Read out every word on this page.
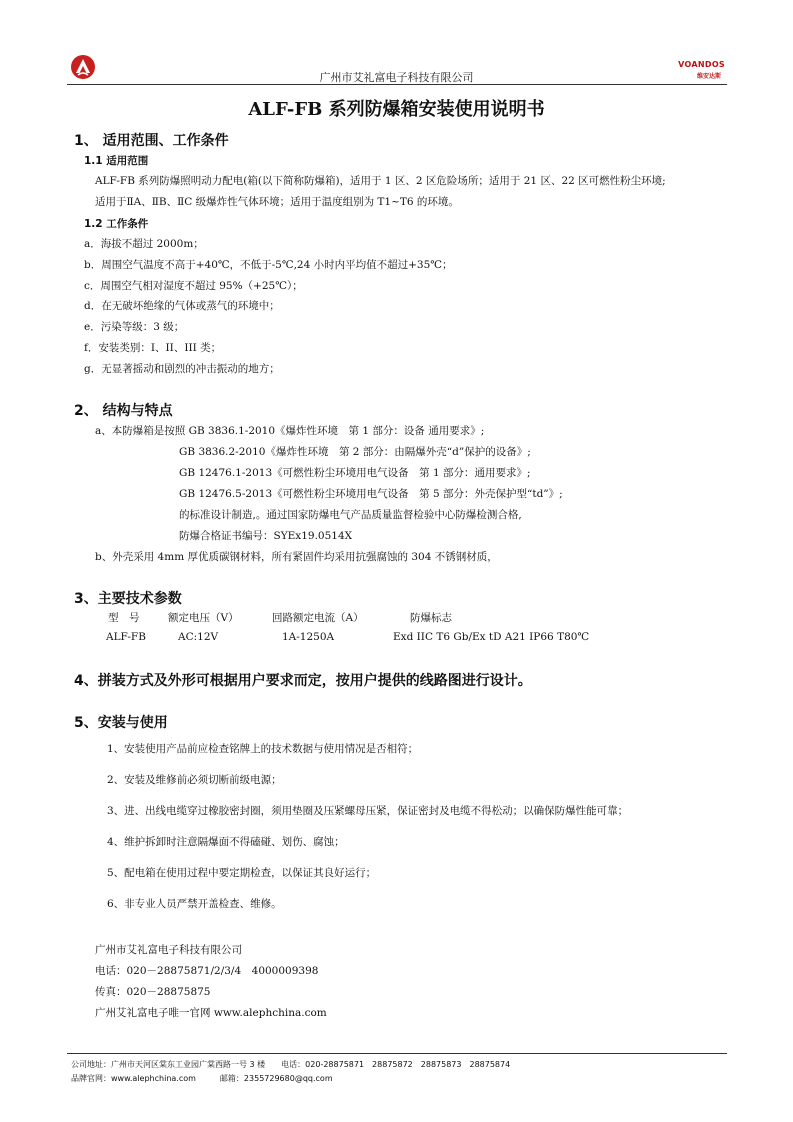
广州市艾礼富电子科技有限公司
VOANDOS
维安达斯
ALF-FB 系列防爆箱安装使用说明书
1、 适用范围、工作条件
1.1 适用范围
ALF-FB 系列防爆照明动力配电(箱(以下简称防爆箱)，适用于 1 区、2 区危险场所；适用于 21 区、22 区可燃性粉尘环境;
适用于ⅡA、ⅡB、ⅡC 级爆炸性气体环境；适用于温度组别为 T1~T6 的环境。
1.2 工作条件
a．海拔不超过 2000m；
b．周围空气温度不高于+40℃，不低于-5℃,24 小时内平均值不超过+35℃；
c．周围空气相对湿度不超过 95%（+25℃）；
d．在无破坏绝缘的气体或蒸气的环境中；
e．污染等级：3 级；
f．安装类别：I、II、III 类；
g．无显著摇动和剧烈的冲击振动的地方；
2、 结构与特点
a、本防爆箱是按照 GB 3836.1-2010《爆炸性环境　第 1 部分：设备 通用要求》;
GB 3836.2-2010《爆炸性环境　第 2 部分：由隔爆外壳“d”保护的设备》;
GB 12476.1-2013《可燃性粉尘环境用电气设备　第 1 部分：通用要求》;
GB 12476.5-2013《可燃性粉尘环境用电气设备　第 5 部分：外壳保护型“td”》;
的标准设计制造,。通过国家防爆电气产品质量监督检验中心防爆检测合格,
防爆合格证书编号：SYEx19.0514X
b、外壳采用 4mm 厚优质碳钢材料，所有紧固件均采用抗强腐蚀的 304 不锈钢材质，
3、主要技术参数
型　号	额定电压（V）	回路额定电流（A）	防爆标志
ALF-FB	AC:12V	1A-1250A	Exd IIC T6 Gb/Ex tD A21 IP66 T80℃
4、拼装方式及外形可根据用户要求而定，按用户提供的线路图进行设计。
5、安装与使用
1、安装使用产品前应检查铭牌上的技术数据与使用情况是否相符；
2、安装及维修前必须切断前级电源；
3、进、出线电缆穿过橡胶密封圈，须用垫圈及压紧螺母压紧，保证密封及电缆不得松动；以确保防爆性能可靠；
4、维护拆卸时注意隔爆面不得磕碰、划伤、腐蚀；
5、配电箱在使用过程中要定期检查，以保证其良好运行；
6、非专业人员严禁开盖检查、维修。
广州市艾礼富电子科技有限公司
电话：020－28875871/2/3/4　4000009398
传真：020－28875875
广州艾礼富电子唯一官网 www.alephchina.com
公司地址：广州市天河区棠东工业园广棠西路一号 3 楼　　电话：020-28875871　28875872　28875873　28875874
品牌官网：www.alephchina.com　　　邮箱：2355729680@qq.com
